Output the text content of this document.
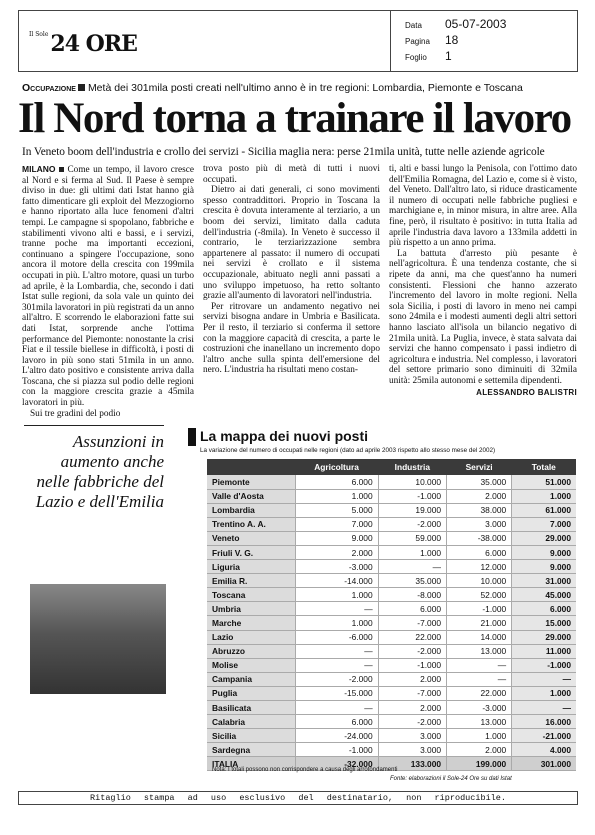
$^{Il Sole}$24 ORE
Data	05-07-2003
Pagina	18
Foglio	1
Occupazione Metà dei 301mila posti creati nell'ultimo anno è in tre regioni: Lombardia, Piemonte e Toscana
Il Nord torna a trainare il lavoro
In Veneto boom dell'industria e crollo dei servizi - Sicilia maglia nera: perse 21mila unità, tutte nelle aziende agricole

MILANO Come un tempo, il lavoro cresce al Nord e si ferma al Sud. Il Paese è sempre diviso in due: gli ultimi dati Istat hanno già fatto dimenticare gli exploit del Mezzogiorno e hanno riportato alla luce fenomeni d'altri tempi. Le campagne si spopolano, fabbriche e stabilimenti vivono alti e bassi, e i servizi, tranne poche ma importanti eccezioni, continuano a spingere l'occupazione, sono ancora il motore della crescita con 199mila occupati in più. L'altro motore, quasi un turbo ad aprile, è la Lombardia, che, secondo i dati Istat sulle regioni, da sola vale un quinto dei 301mila lavoratori in più registrati da un anno all'altro. E scorrendo le elaborazioni fatte sui dati Istat, sorprende anche l'ottima performance del Piemonte: nonostante la crisi Fiat e il tessile biellese in difficoltà, i posti di lavoro in più sono stati 51mila in un anno. L'altro dato positivo e consistente arriva dalla Toscana, che si piazza sul podio delle regioni con la maggiore crescita grazie a 45mila lavoratori in più.

Sui tre gradini del podio

trova posto più di metà di tutti i nuovi occupati.

Dietro ai dati generali, ci sono movimenti spesso contraddittori. Proprio in Toscana la crescita è dovuta interamente al terziario, a un boom dei servizi, limitato dalla caduta dell'industria (-8mila). In Veneto è successo il contrario, le terziarizzazione sembra appartenere al passato: il numero di occupati nei servizi è crollato e il sistema occupazionale, abituato negli anni passati a uno sviluppo impetuoso, ha retto soltanto grazie all'aumento di lavoratori nell'industria.

Per ritrovare un andamento negativo nei servizi bisogna andare in Umbria e Basilicata. Per il resto, il terziario si conferma il settore con la maggiore capacità di crescita, a parte le costruzioni che inanellano un incremento dopo l'altro anche sulla spinta dell'emersione del nero. L'industria ha risultati meno costan-

ti, alti e bassi lungo la Penisola, con l'ottimo dato dell'Emilia Romagna, del Lazio e, come si è visto, del Veneto. Dall'altro lato, si riduce drasticamente il numero di occupati nelle fabbriche pugliesi e marchigiane e, in minor misura, in altre aree. Alla fine, però, il risultato è positivo: in tutta Italia ad aprile l'industria dava lavoro a 133mila addetti in più rispetto a un anno prima.

La battuta d'arresto più pesante è nell'agricoltura. È una tendenza costante, che si ripete da anni, ma che quest'anno ha numeri consistenti. Flessioni che hanno azzerato l'incremento del lavoro in molte regioni. Nella sola Sicilia, i posti di lavoro in meno nei campi sono 24mila e i modesti aumenti degli altri settori hanno lasciato all'isola un bilancio negativo di 21mila unità. La Puglia, invece, è stata salvata dai servizi che hanno compensato i passi indietro di agricoltura e industria. Nel complesso, i lavoratori del settore primario sono diminuiti di 32mila unità: 25mila autonomi e settemila dipendenti.

ALESSANDRO BALISTRI
Assunzioni in aumento anche nelle fabbriche del Lazio e dell'Emilia
La mappa dei nuovi posti
La variazione del numero di occupati nelle regioni (dato ad aprile 2003 rispetto allo stesso mese del 2002)
	Agricoltura	Industria	Servizi	Totale
Piemonte	6.000	10.000	35.000	51.000
Valle d'Aosta	1.000	-1.000	2.000	1.000
Lombardia	5.000	19.000	38.000	61.000
Trentino A. A.	7.000	-2.000	3.000	7.000
Veneto	9.000	59.000	-38.000	29.000
Friuli V. G.	2.000	1.000	6.000	9.000
Liguria	-3.000	—	12.000	9.000
Emilia R.	-14.000	35.000	10.000	31.000
Toscana	1.000	-8.000	52.000	45.000
Umbria	—	6.000	-1.000	6.000
Marche	1.000	-7.000	21.000	15.000
Lazio	-6.000	22.000	14.000	29.000
Abruzzo	—	-2.000	13.000	11.000
Molise	—	-1.000	—	-1.000
Campania	-2.000	2.000	—	—
Puglia	-15.000	-7.000	22.000	1.000
Basilicata	—	2.000	-3.000	—
Calabria	6.000	-2.000	13.000	16.000
Sicilia	-24.000	3.000	1.000	-21.000
Sardegna	-1.000	3.000	2.000	4.000
ITALIA	-32.000	133.000	199.000	301.000
Nota: I totali possono non corrispondere a causa degli arrotondamenti
Fonte: elaborazioni il Sole-24 Ore su dati Istat
Ritaglio stampa ad uso esclusivo del destinatario, non riproducibile.
